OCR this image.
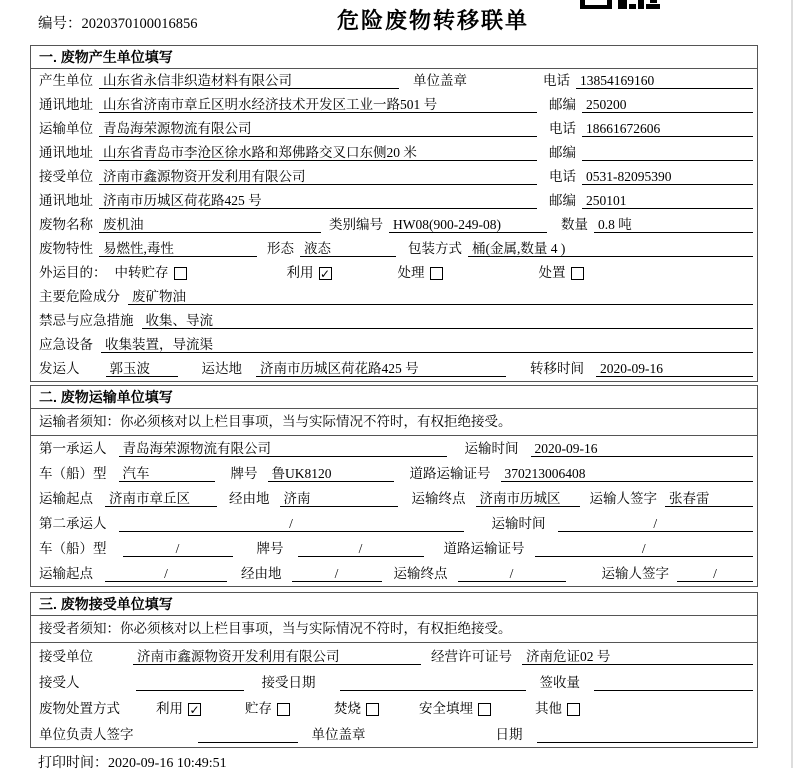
编号：2020370100016856	危险废物转移联单
一. 废物产生单位填写
产生单位 山东省永信非织造材料有限公司	单位盖章	电话 13854169160
通讯地址 山东省济南市章丘区明水经济技术开发区工业一路501 号	邮编 250200
运输单位 青岛海荣源物流有限公司	电话 18661672606
通讯地址 山东省青岛市李沧区徐水路和郑佛路交叉口东侧20 米	邮编
接受单位 济南市鑫源物资开发利用有限公司	电话 0531-82095390
通讯地址 济南市历城区荷花路425 号	邮编 250101
废物名称 废机油	类别编号 HW08(900-249-08)	数量 0.8 吨
废物特性 易燃性,毒性	形态 液态	包装方式 桶(金属,数量 4 )
外运目的： 中转贮存	利用 ✓	处理	处置
主要危险成分 废矿物油
禁忌与应急措施 收集、导流
应急设备 收集装置，导流渠
发运人 郭玉波	运达地 济南市历城区荷花路425 号	转移时间 2020-09-16
二. 废物运输单位填写
运输者须知：你必须核对以上栏目事项，当与实际情况不符时，有权拒绝接受。
第一承运人 青岛海荣源物流有限公司	运输时间 2020-09-16
车（船）型 汽车	牌号 鲁UK8120	道路运输证号 370213006408
运输起点 济南市章丘区	经由地 济南	运输终点 济南市历城区	运输人签字 张春雷
第二承运人	/	运输时间	/
车（船）型	/	牌号	/	道路运输证号	/
运输起点	/	经由地	/	运输终点	/	运输人签字	/
三. 废物接受单位填写
接受者须知：你必须核对以上栏目事项，当与实际情况不符时，有权拒绝接受。
接受单位	济南市鑫源物资开发利用有限公司	经营许可证号 济南危证02 号
接受人	接受日期	签收量
废物处置方式	利用 ✓	贮存	焚烧	安全填埋	其他
单位负责人签字	单位盖章	日期
打印时间：2020-09-16 10:49:51
